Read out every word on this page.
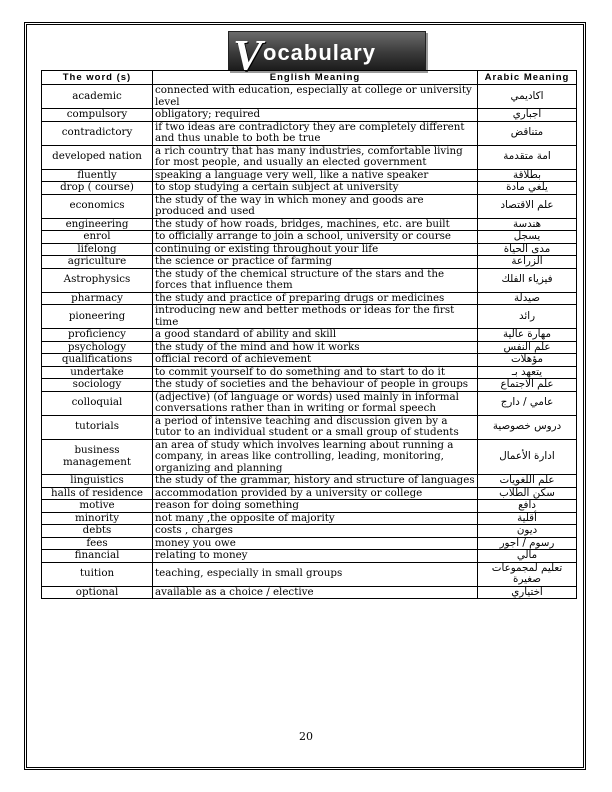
V ocabulary
The word (s)	English Meaning	Arabic Meaning
academic	connected with education, especially at college or university level	اكاديمي
compulsory	obligatory; required	اجباري
contradictory	if two ideas are contradictory they are completely different and thus unable to both be true	متناقض
developed nation	a rich country that has many industries, comfortable living for most people, and usually an elected government	امة متقدمة
fluently	speaking a language very well, like a native speaker	بطلاقة
drop ( course)	to stop studying a certain subject at university	يلغي مادة
economics	the study of the way in which money and goods are produced and used	علم الاقتصاد
engineering	the study of how roads, bridges, machines, etc. are built	هندسة
enrol	to officially arrange to join a school, university or course	يسجل
lifelong	continuing or existing throughout your life	مدى الحياة
agriculture	the science or practice of farming	الزراعة
Astrophysics	the study of the chemical structure of the stars and the forces that influence them	فيزياء الفلك
pharmacy	the study and practice of preparing drugs or medicines	صيدلة
pioneering	introducing new and better methods or ideas for the first time	رائد
proficiency	a good standard of ability and skill	مهارة عالية
psychology	the study of the mind and how it works	علم النفس
qualifications	official record of achievement	مؤهلات
undertake	to commit yourself to do something and to start to do it	يتعهد بـ
sociology	the study of societies and the behaviour of people in groups	علم الاجتماع
colloquial	(adjective) (of language or words) used mainly in informal conversations rather than in writing or formal speech	عامي / دارج
tutorials	a period of intensive teaching and discussion given by a tutor to an individual student or a small group of students	دروس خصوصية
business management	an area of study which involves learning about running a company, in areas like controlling, leading, monitoring, organizing and planning	ادارة الأعمال
linguistics	the study of the grammar, history and structure of languages	علم اللغويات
halls of residence	accommodation provided by a university or college	سكن الطلاب
motive	reason for doing something	دافع
minority	not many ,the opposite of majority	أقلية
debts	costs , charges	ديون
fees	money you owe	رسوم / اجور
financial	relating to money	مالي
tuition	teaching, especially in small groups	تعليم لمجموعات صغيرة
optional	available as a choice / elective	اختياري
20
